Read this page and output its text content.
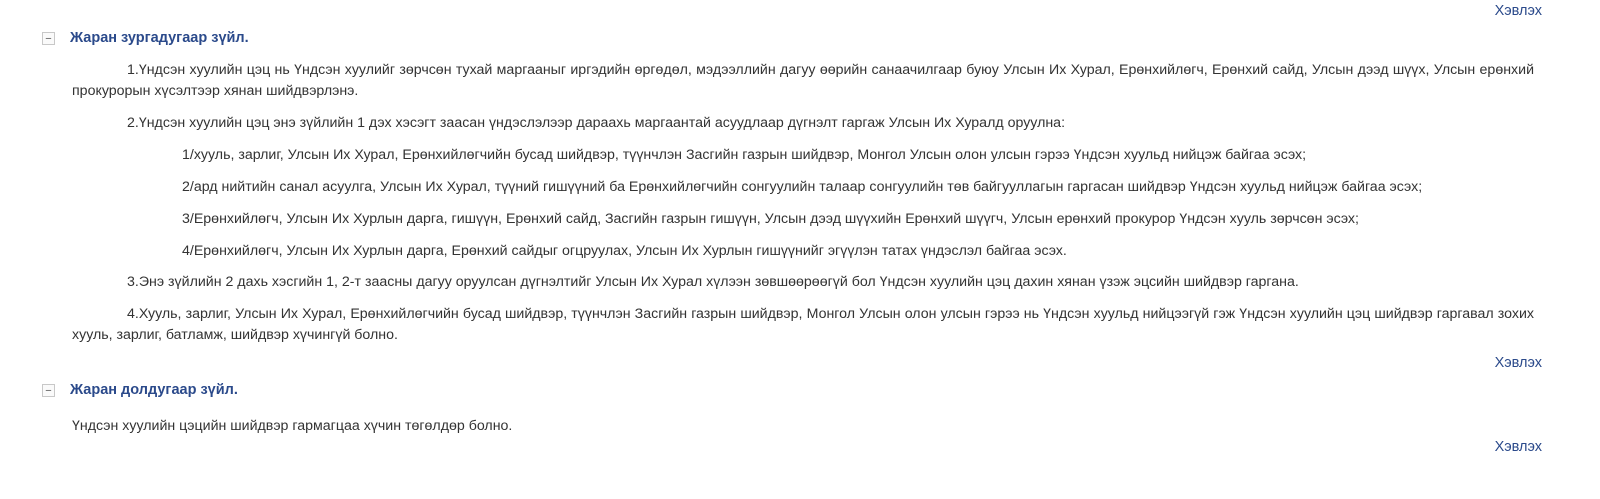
Хэвлэх
− Жаран зургадугаар зүйл.

1.Үндсэн хуулийн цэц нь Үндсэн хуулийг зөрчсөн тухай маргааныг иргэдийн өргөдөл, мэдээллийн дагуу өөрийн санаачилгаар буюу Улсын Их Хурал, Ерөнхийлөгч, Ерөнхий сайд, Улсын дээд шүүх, Улсын ерөнхий прокурорын хүсэлтээр хянан шийдвэрлэнэ.

2.Үндсэн хуулийн цэц энэ зүйлийн 1 дэх хэсэгт заасан үндэслэлээр дараахь маргаантай асуудлаар дүгнэлт гаргаж Улсын Их Хуралд оруулна:

1/хууль, зарлиг, Улсын Их Хурал, Ерөнхийлөгчийн бусад шийдвэр, түүнчлэн Засгийн газрын шийдвэр, Монгол Улсын олон улсын гэрээ Үндсэн хуульд нийцэж байгаа эсэх;

2/ард нийтийн санал асуулга, Улсын Их Хурал, түүний гишүүний ба Ерөнхийлөгчийн сонгуулийн талаар сонгуулийн төв байгууллагын гаргасан шийдвэр Үндсэн хуульд нийцэж байгаа эсэх;

3/Ерөнхийлөгч, Улсын Их Хурлын дарга, гишүүн, Ерөнхий сайд, Засгийн газрын гишүүн, Улсын дээд шүүхийн Ерөнхий шүүгч, Улсын ерөнхий прокурор Үндсэн хууль зөрчсөн эсэх;

4/Ерөнхийлөгч, Улсын Их Хурлын дарга, Ерөнхий сайдыг огцруулах, Улсын Их Хурлын гишүүнийг эгүүлэн татах үндэслэл байгаа эсэх.

3.Энэ зүйлийн 2 дахь хэсгийн 1, 2-т заасны дагуу оруулсан дүгнэлтийг Улсын Их Хурал хүлээн зөвшөөрөөгүй бол Үндсэн хуулийн цэц дахин хянан үзэж эцсийн шийдвэр гаргана.

4.Хууль, зарлиг, Улсын Их Хурал, Ерөнхийлөгчийн бусад шийдвэр, түүнчлэн Засгийн газрын шийдвэр, Монгол Улсын олон улсын гэрээ нь Үндсэн хуульд нийцээгүй гэж Үндсэн хуулийн цэц шийдвэр гаргавал зохих хууль, зарлиг, батламж, шийдвэр хүчингүй болно.

Хэвлэх
− Жаран долдугаар зүйл.

Үндсэн хуулийн цэцийн шийдвэр гармагцаа хүчин төгөлдөр болно.

Хэвлэх
